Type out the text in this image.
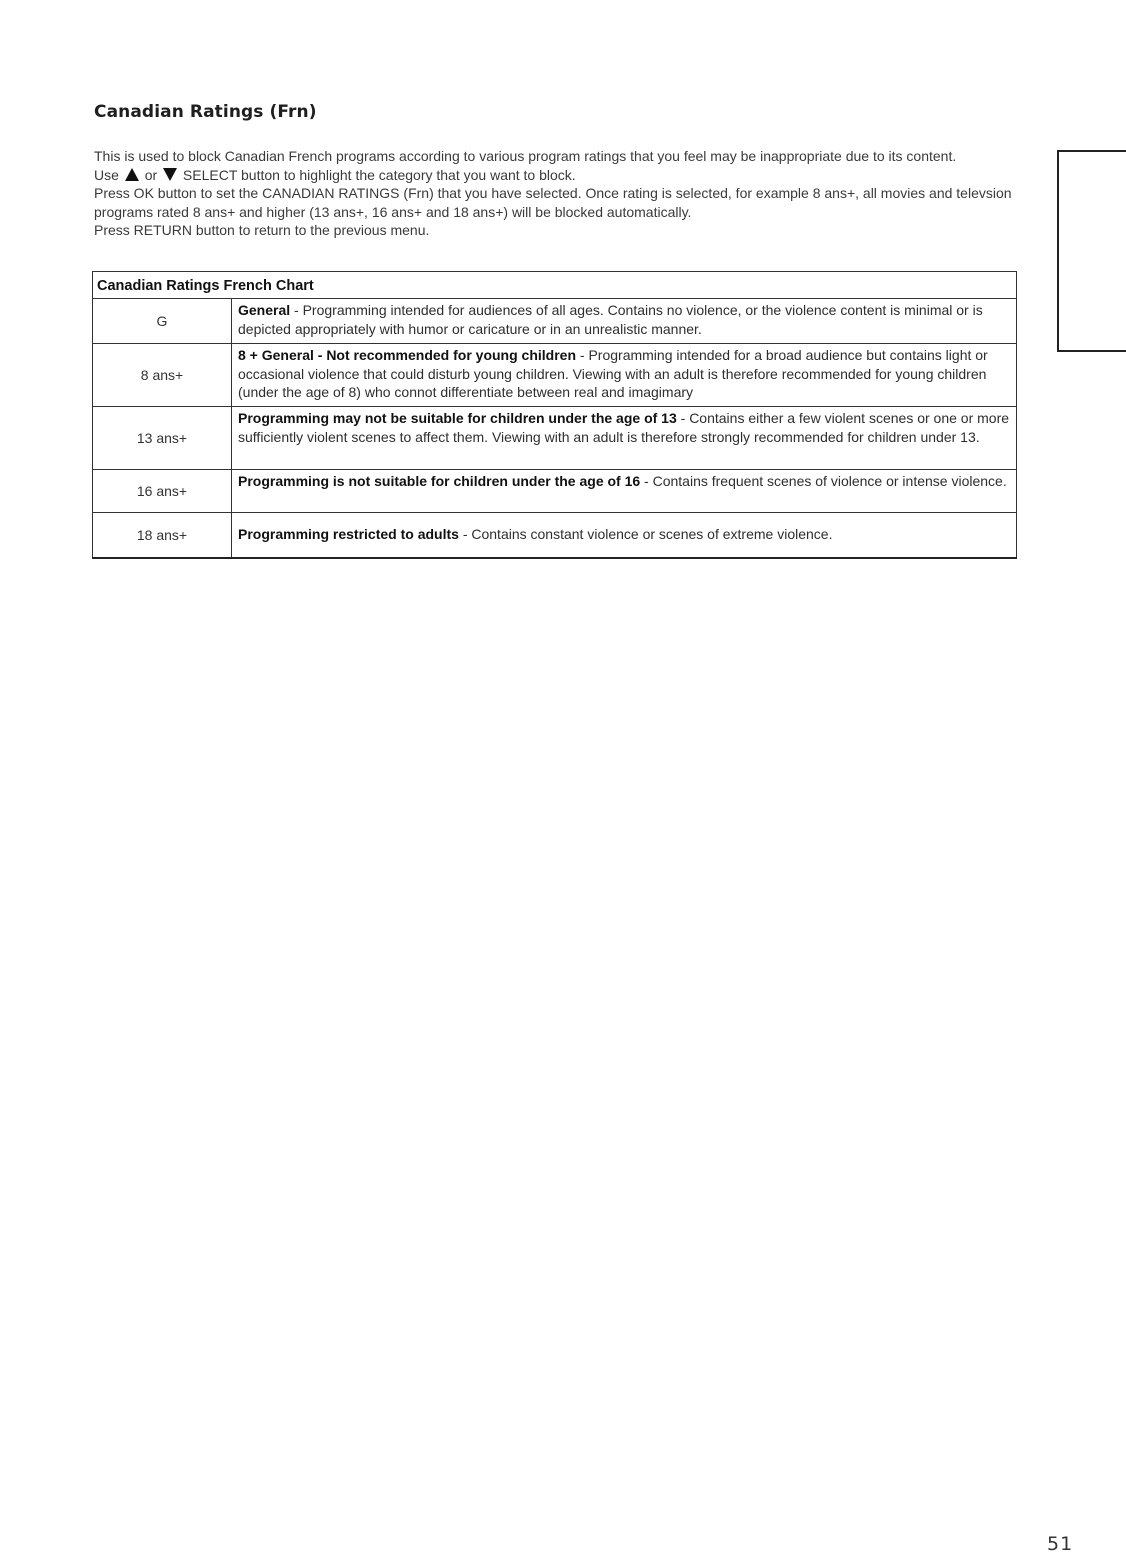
Canadian Ratings (Frn)

This is used to block Canadian French programs according to various program ratings that you feel may be inappropriate due to its content.

Use or SELECT button to highlight the category that you want to block.

Press OK button to set the CANADIAN RATINGS (Frn) that you have selected. Once rating is selected, for example 8 ans+, all movies and televsion programs rated 8 ans+ and higher (13 ans+, 16 ans+ and 18 ans+) will be blocked automatically.

Press RETURN button to return to the previous menu.

Canadian Ratings French Chart	
G	General - Programming intended for audiences of all ages. Contains no violence, or the violence content is minimal or is depicted appropriately with humor or caricature or in an unrealistic manner.
8 ans+	8 + General - Not recommended for young children - Programming intended for a broad audience but contains light or occasional violence that could disturb young children. Viewing with an adult is therefore recommended for young children (under the age of 8) who connot differentiate between real and imagimary
13 ans+	Programming may not be suitable for children under the age of 13 - Contains either a few violent scenes or one or more sufficiently violent scenes to affect them. Viewing with an adult is therefore strongly recommended for children under 13.
16 ans+	Programming is not suitable for children under the age of 16 - Contains frequent scenes of violence or intense violence.
18 ans+	Programming restricted to adults - Contains constant violence or scenes of extreme violence.
51
